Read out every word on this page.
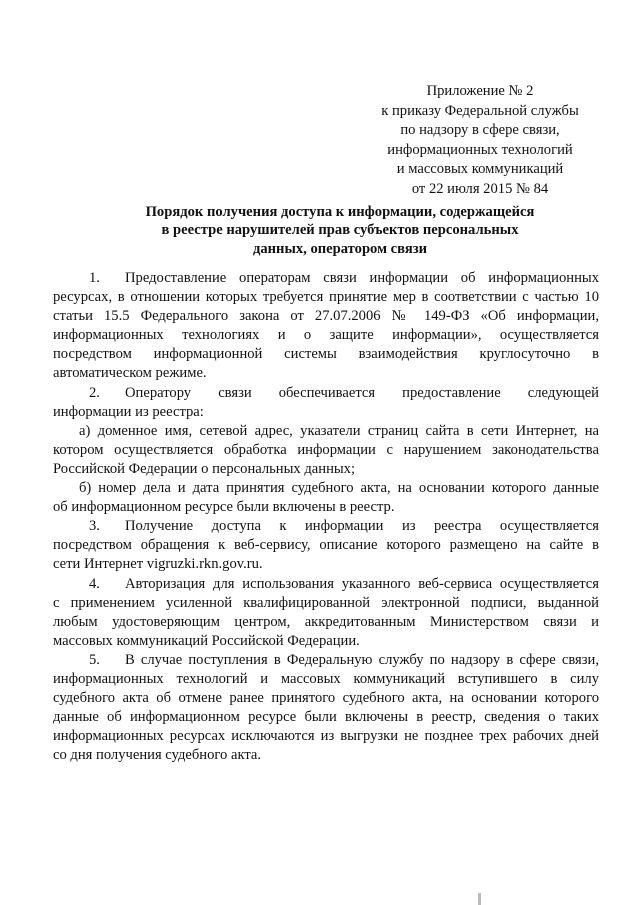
Приложение № 2
к приказу Федеральной службы
по надзору в сфере связи,
информационных технологий
и массовых коммуникаций
от 22 июля 2015 № 84
Порядок получения доступа к информации, содержащейся
в реестре нарушителей прав субъектов персональных
данных, оператором связи
1. Предоставление операторам связи информации об информационных
ресурсах, в отношении которых требуется принятие мер в соответствии с частью 10
статьи 15.5 Федерального закона от 27.07.2006 № 149-ФЗ «Об информации,
информационных технологиях и о защите информации», осуществляется
посредством информационной системы взаимодействия круглосуточно в
автоматическом режиме.
2. Оператору связи обеспечивается предоставление следующей
информации из реестра:
а) доменное имя, сетевой адрес, указатели страниц сайта в сети Интернет, на
котором осуществляется обработка информации с нарушением законодательства
Российской Федерации о персональных данных;
б) номер дела и дата принятия судебного акта, на основании которого данные
об информационном ресурсе были включены в реестр.
3. Получение доступа к информации из реестра осуществляется
посредством обращения к веб-сервису, описание которого размещено на сайте в
сети Интернет vigruzki.rkn.gov.ru.
4. Авторизация для использования указанного веб-сервиса осуществляется
с применением усиленной квалифицированной электронной подписи, выданной
любым удостоверяющим центром, аккредитованным Министерством связи и
массовых коммуникаций Российской Федерации.
5. В случае поступления в Федеральную службу по надзору в сфере связи,
информационных технологий и массовых коммуникаций вступившего в силу
судебного акта об отмене ранее принятого судебного акта, на основании которого
данные об информационном ресурсе были включены в реестр, сведения о таких
информационных ресурсах исключаются из выгрузки не позднее трех рабочих дней
со дня получения судебного акта.
